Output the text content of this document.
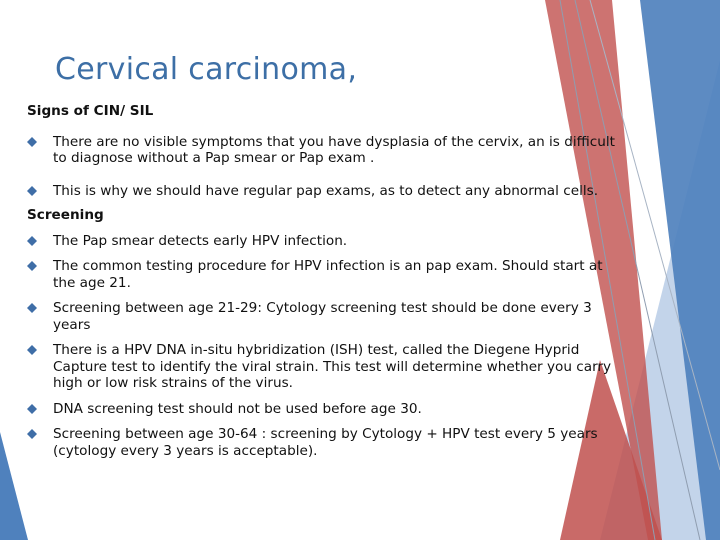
Cervical carcinoma,

Signs of CIN/ SIL

There are no visible symptoms that you have dysplasia of the cervix, an is difficult to diagnose without a Pap smear or Pap exam .
This is why we should have regular pap exams, as to detect any abnormal cells.

Screening

The Pap smear detects early HPV infection.
The common testing procedure for HPV infection is an pap exam. Should start at the age 21.
Screening between age 21-29: Cytology screening test should be done every 3 years
There is a HPV DNA in-situ hybridization (ISH) test, called the Diegene Hyprid Capture test to identify the viral strain. This test will determine whether you carry high or low risk strains of the virus.
DNA screening test should not be used before age 30.
Screening between age 30-64 : screening by Cytology + HPV test every 5 years (cytology every 3 years is acceptable).
